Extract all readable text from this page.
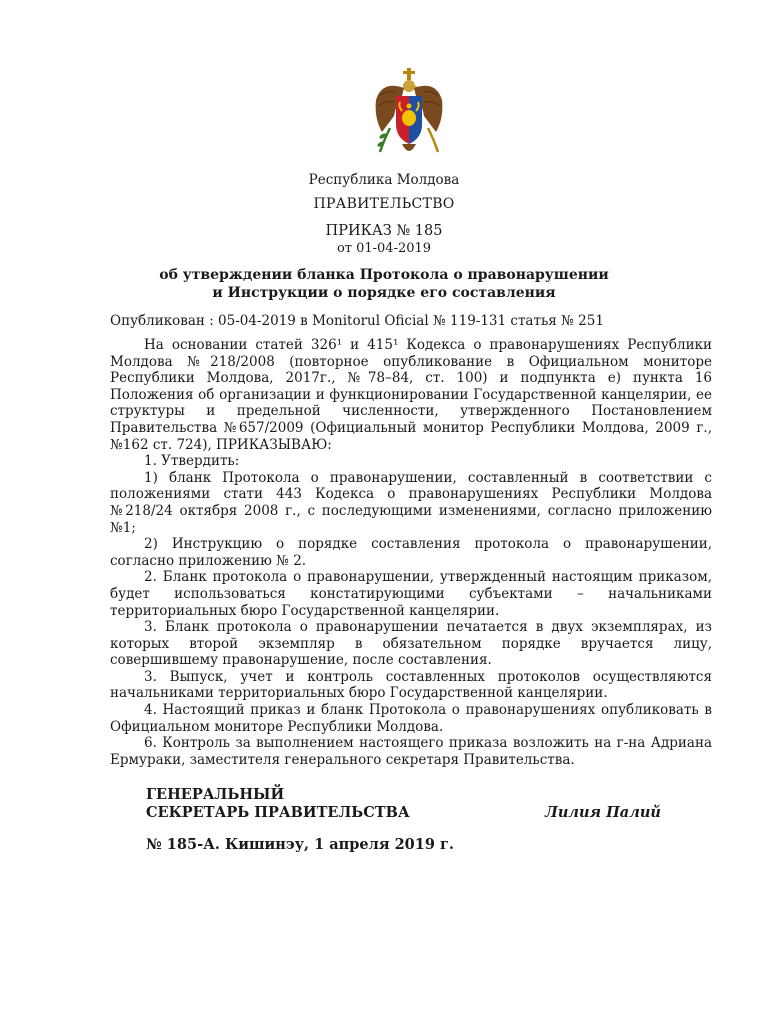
Республика Молдова
ПРАВИТЕЛЬСТВО
ПРИКАЗ № 185
от 01-04-2019
об утверждении бланка Протокола о правонарушении
и Инструкции о порядке его составления
Опубликован : 05-04-2019 в Monitorul Oficial № 119-131 статья № 251

На основании статей 326¹ и 415¹ Кодекса о правонарушениях Республики Молдова №218/2008 (повторное опубликование в Официальном мониторе Республики Молдова, 2017г., №78–84, ст. 100) и подпункта е) пункта 16 Положения об организации и функционировании Государственной канцелярии, ее структуры и предельной численности, утвержденного Постановлением Правительства №657/2009 (Официальный монитор Республики Молдова, 2009 г., №162 ст. 724), ПРИКАЗЫВАЮ:

1. Утвердить:

1) бланк Протокола о правонарушении, составленный в соответствии с положениями стати 443 Кодекса о правонарушениях Республики Молдова №218/24 октября 2008 г., с последующими изменениями, согласно приложению №1;

2) Инструкцию о порядке составления протокола о правонарушении, согласно приложению № 2.

2. Бланк протокола о правонарушении, утвержденный настоящим приказом, будет использоваться констатирующими субъектами – начальниками территориальных бюро Государственной канцелярии.

3. Бланк протокола о правонарушении печатается в двух экземплярах, из которых второй экземпляр в обязательном порядке вручается лицу, совершившему правонарушение, после составления.

3. Выпуск, учет и контроль составленных протоколов осуществляются начальниками территориальных бюро Государственной канцелярии.

4. Настоящий приказ и бланк Протокола о правонарушениях опубликовать в Официальном мониторе Республики Молдова.

6. Контроль за выполнением настоящего приказа возложить на г-на Адриана Ермураки, заместителя генерального секретаря Правительства.

ГЕНЕРАЛЬНЫЙ
СЕКРЕТАРЬ ПРАВИТЕЛЬСТВА	Лилия Палий
№ 185-А. Кишинэу, 1 апреля 2019 г.
